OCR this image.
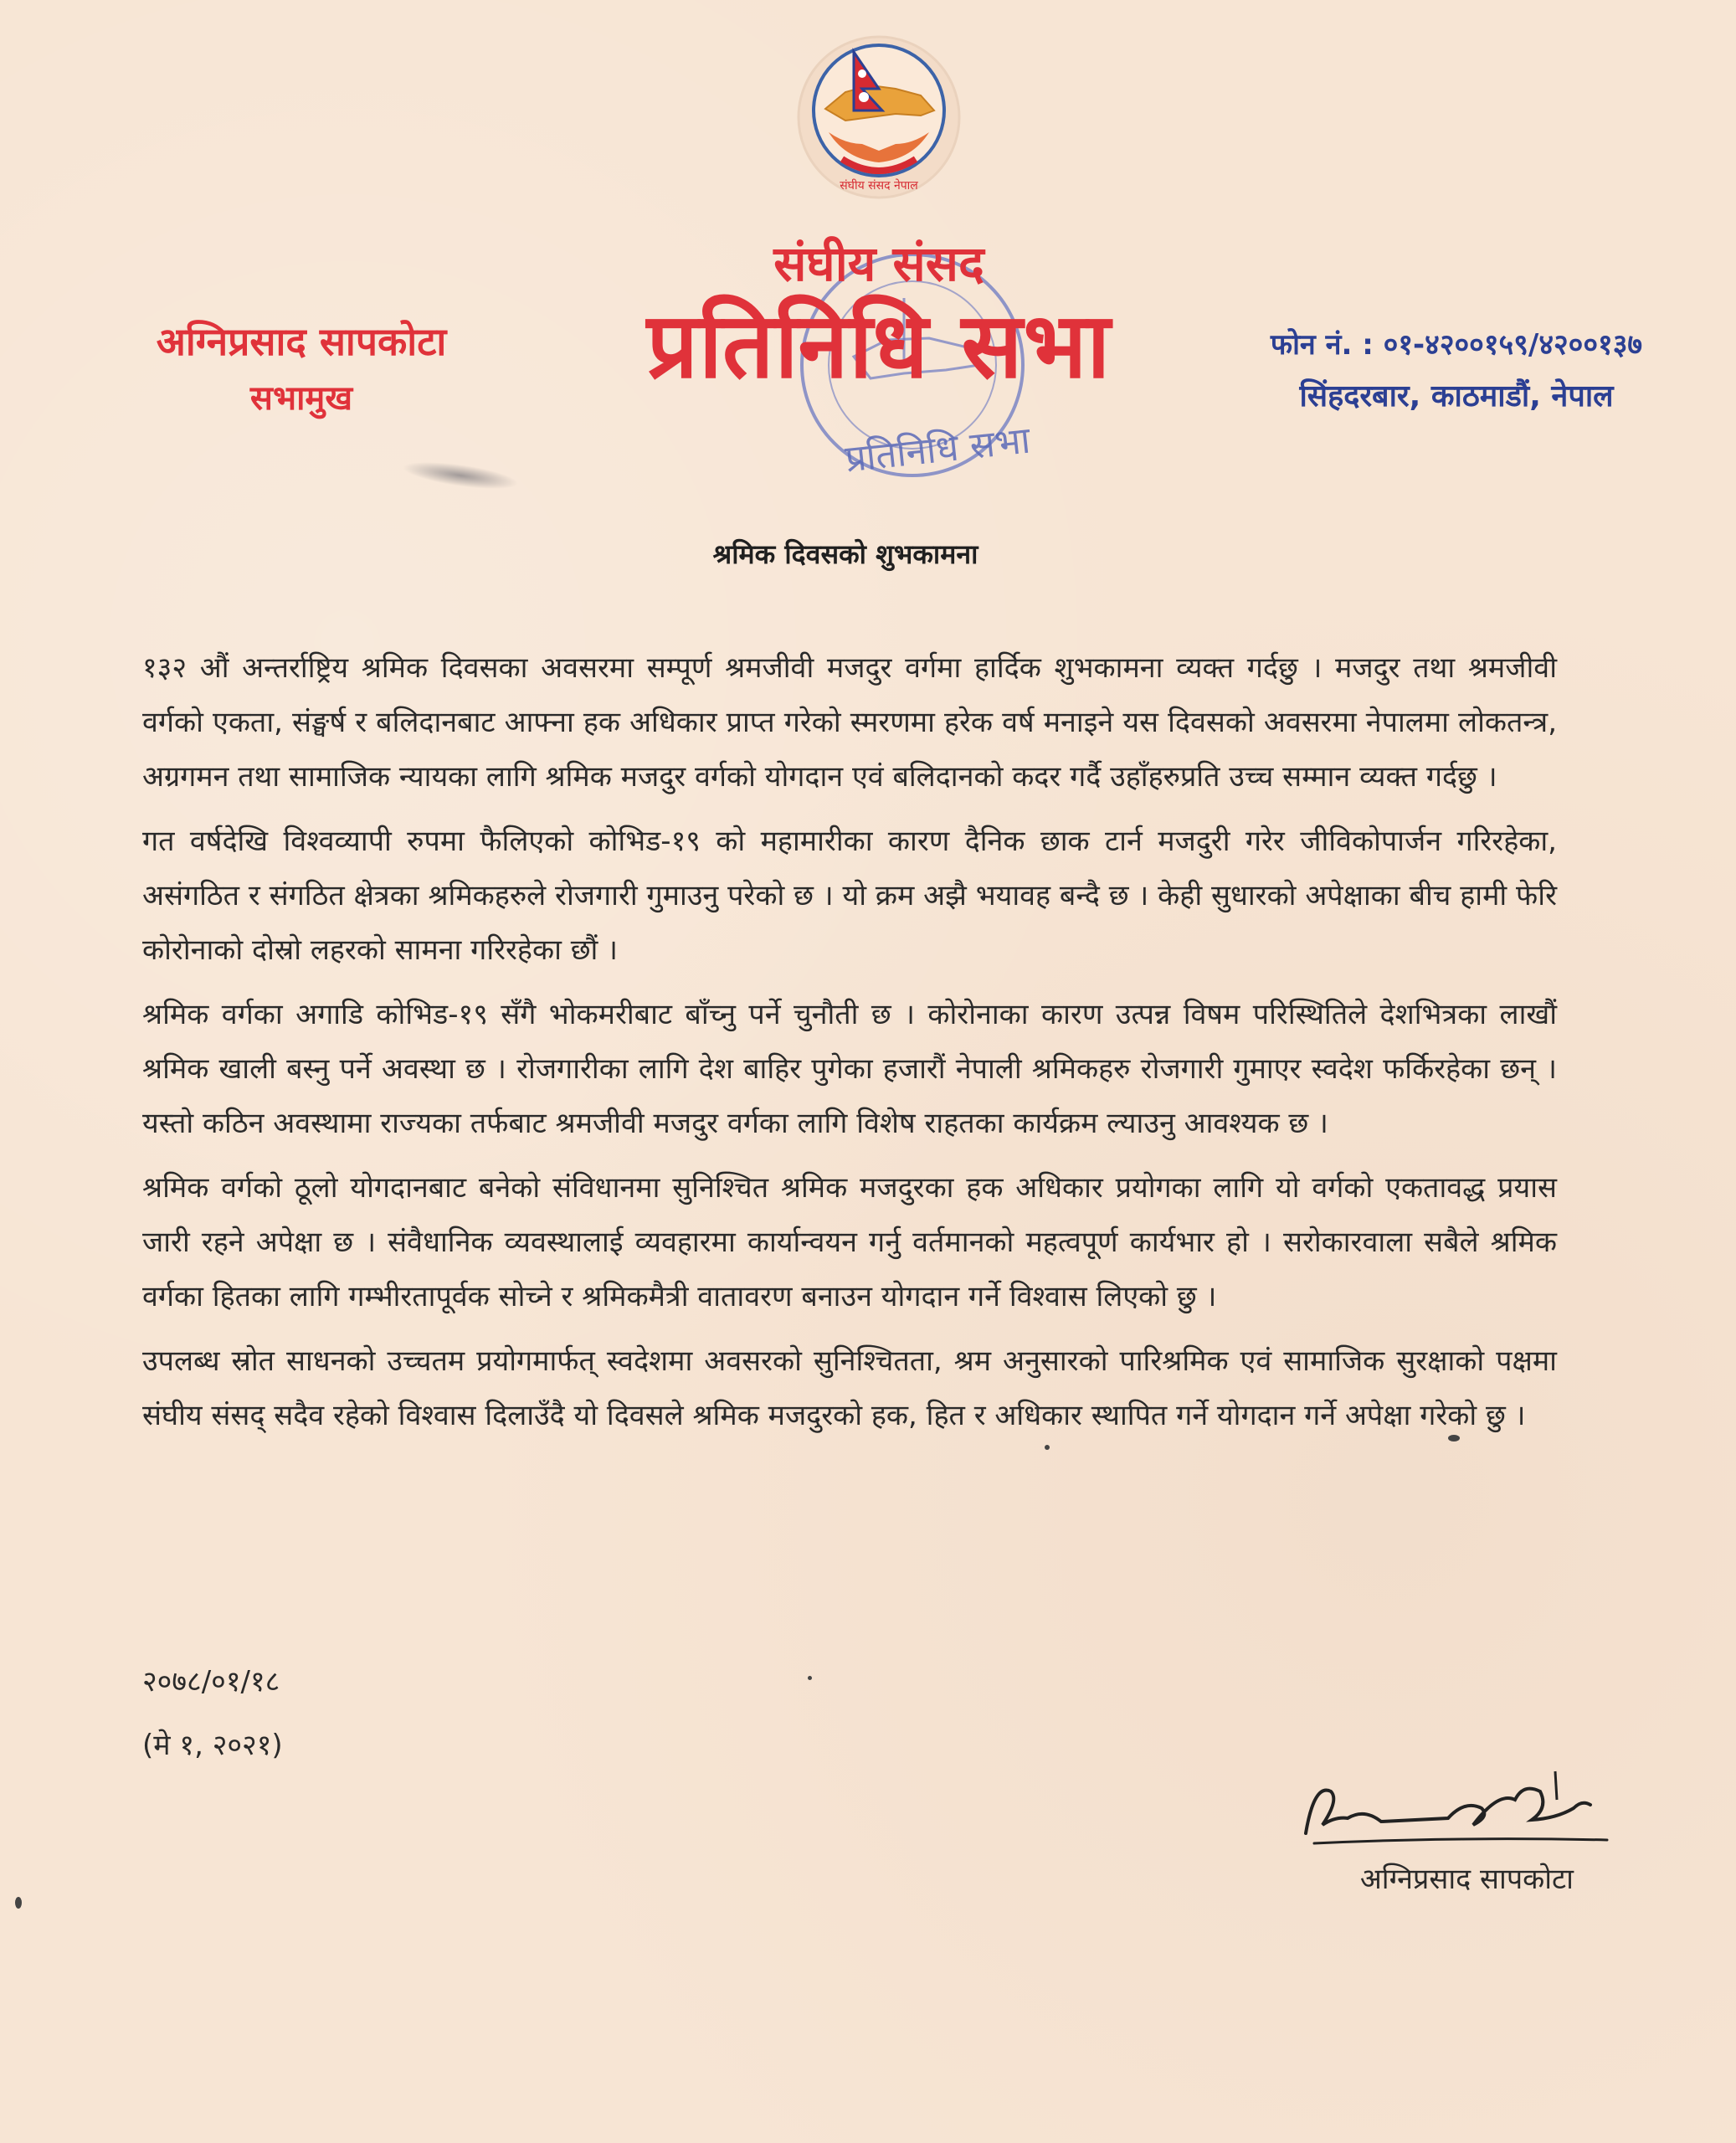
संघीय संसद नेपाल
अग्निप्रसाद सापकोटा
सभामुख
प्रतिनिधि सभा
संघीय संसद
प्रतिनिधि सभा	फोन नं. : ०१-४२००१५९/४२००१३७
सिंहदरबार, काठमाडौं, नेपाल
श्रमिक दिवसको शुभकामना

१३२ औं अन्तर्राष्ट्रिय श्रमिक दिवसका अवसरमा सम्पूर्ण श्रमजीवी मजदुर वर्गमा हार्दिक शुभकामना व्यक्त गर्दछु । मजदुर तथा श्रमजीवी वर्गको एकता, संङ्घर्ष र बलिदानबाट आफ्ना हक अधिकार प्राप्त गरेको स्मरणमा हरेक वर्ष मनाइने यस दिवसको अवसरमा नेपालमा लोकतन्त्र, अग्रगमन तथा सामाजिक न्यायका लागि श्रमिक मजदुर वर्गको योगदान एवं बलिदानको कदर गर्दै उहाँहरुप्रति उच्च सम्मान व्यक्त गर्दछु ।

गत वर्षदेखि विश्वव्यापी रुपमा फैलिएको कोभिड-१९ को महामारीका कारण दैनिक छाक टार्न मजदुरी गरेर जीविकोपार्जन गरिरहेका, असंगठित र संगठित क्षेत्रका श्रमिकहरुले रोजगारी गुमाउनु परेको छ । यो क्रम अझै भयावह बन्दै छ । केही सुधारको अपेक्षाका बीच हामी फेरि कोरोनाको दोस्रो लहरको सामना गरिरहेका छौं ।

श्रमिक वर्गका अगाडि कोभिड-१९ सँगै भोकमरीबाट बाँच्नु पर्ने चुनौती छ । कोरोनाका कारण उत्पन्न विषम परिस्थितिले देशभित्रका लाखौं श्रमिक खाली बस्नु पर्ने अवस्था छ । रोजगारीका लागि देश बाहिर पुगेका हजारौं नेपाली श्रमिकहरु रोजगारी गुमाएर स्वदेश फर्किरहेका छन् । यस्तो कठिन अवस्थामा राज्यका तर्फबाट श्रमजीवी मजदुर वर्गका लागि विशेष राहतका कार्यक्रम ल्याउनु आवश्यक छ ।

श्रमिक वर्गको ठूलो योगदानबाट बनेको संविधानमा सुनिश्चित श्रमिक मजदुरका हक अधिकार प्रयोगका लागि यो वर्गको एकतावद्ध प्रयास जारी रहने अपेक्षा छ । संवैधानिक व्यवस्थालाई व्यवहारमा कार्यान्वयन गर्नु वर्तमानको महत्वपूर्ण कार्यभार हो । सरोकारवाला सबैले श्रमिक वर्गका हितका लागि गम्भीरतापूर्वक सोच्ने र श्रमिकमैत्री वातावरण बनाउन योगदान गर्ने विश्वास लिएको छु ।

उपलब्ध स्रोत साधनको उच्चतम प्रयोगमार्फत् स्वदेशमा अवसरको सुनिश्चितता, श्रम अनुसारको पारिश्रमिक एवं सामाजिक सुरक्षाको पक्षमा संघीय संसद् सदैव रहेको विश्वास दिलाउँदै यो दिवसले श्रमिक मजदुरको हक, हित र अधिकार स्थापित गर्ने योगदान गर्ने अपेक्षा गरेको छु ।

२०७८/०१/१८
(मे १, २०२१)
अग्निप्रसाद सापकोटा
